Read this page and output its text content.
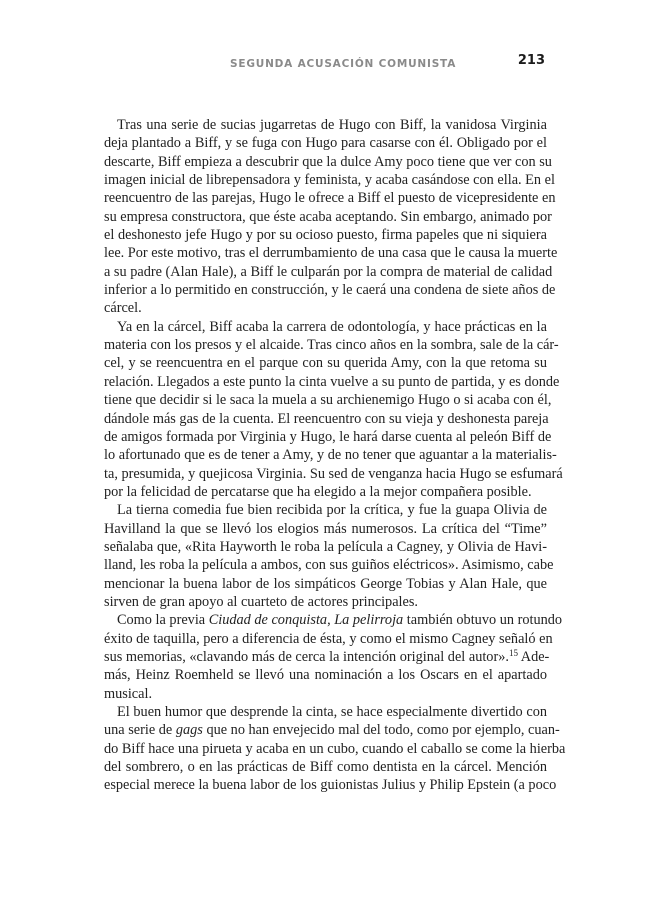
SEGUNDA ACUSACIÓN COMUNISTA	213
Tras una serie de sucias jugarretas de Hugo con Biff, la vanidosa Virginia
deja plantado a Biff, y se fuga con Hugo para casarse con él. Obligado por el
descarte, Biff empieza a descubrir que la dulce Amy poco tiene que ver con su
imagen inicial de librepensadora y feminista, y acaba casándose con ella. En el
reencuentro de las parejas, Hugo le ofrece a Biff el puesto de vicepresidente en
su empresa constructora, que éste acaba aceptando. Sin embargo, animado por
el deshonesto jefe Hugo y por su ocioso puesto, firma papeles que ni siquiera
lee. Por este motivo, tras el derrumbamiento de una casa que le causa la muerte
a su padre (Alan Hale), a Biff le culparán por la compra de material de calidad
inferior a lo permitido en construcción, y le caerá una condena de siete años de
cárcel.
Ya en la cárcel, Biff acaba la carrera de odontología, y hace prácticas en la
materia con los presos y el alcaide. Tras cinco años en la sombra, sale de la cár-
cel, y se reencuentra en el parque con su querida Amy, con la que retoma su
relación. Llegados a este punto la cinta vuelve a su punto de partida, y es donde
tiene que decidir si le saca la muela a su archienemigo Hugo o si acaba con él,
dándole más gas de la cuenta. El reencuentro con su vieja y deshonesta pareja
de amigos formada por Virginia y Hugo, le hará darse cuenta al peleón Biff de
lo afortunado que es de tener a Amy, y de no tener que aguantar a la materialis-
ta, presumida, y quejicosa Virginia. Su sed de venganza hacia Hugo se esfumará
por la felicidad de percatarse que ha elegido a la mejor compañera posible.
La tierna comedia fue bien recibida por la crítica, y fue la guapa Olivia de
Havilland la que se llevó los elogios más numerosos. La crítica del “Time”
señalaba que, «Rita Hayworth le roba la película a Cagney, y Olivia de Havi-
lland, les roba la película a ambos, con sus guiños eléctricos». Asimismo, cabe
mencionar la buena labor de los simpáticos George Tobias y Alan Hale, que
sirven de gran apoyo al cuarteto de actores principales.
Como la previa Ciudad de conquista, La pelirroja también obtuvo un rotundo
éxito de taquilla, pero a diferencia de ésta, y como el mismo Cagney señaló en
sus memorias, «clavando más de cerca la intención original del autor».$^{15}$ Ade-
más, Heinz Roemheld se llevó una nominación a los Oscars en el apartado
musical.
El buen humor que desprende la cinta, se hace especialmente divertido con
una serie de gags que no han envejecido mal del todo, como por ejemplo, cuan-
do Biff hace una pirueta y acaba en un cubo, cuando el caballo se come la hierba
del sombrero, o en las prácticas de Biff como dentista en la cárcel. Mención
especial merece la buena labor de los guionistas Julius y Philip Epstein (a poco
